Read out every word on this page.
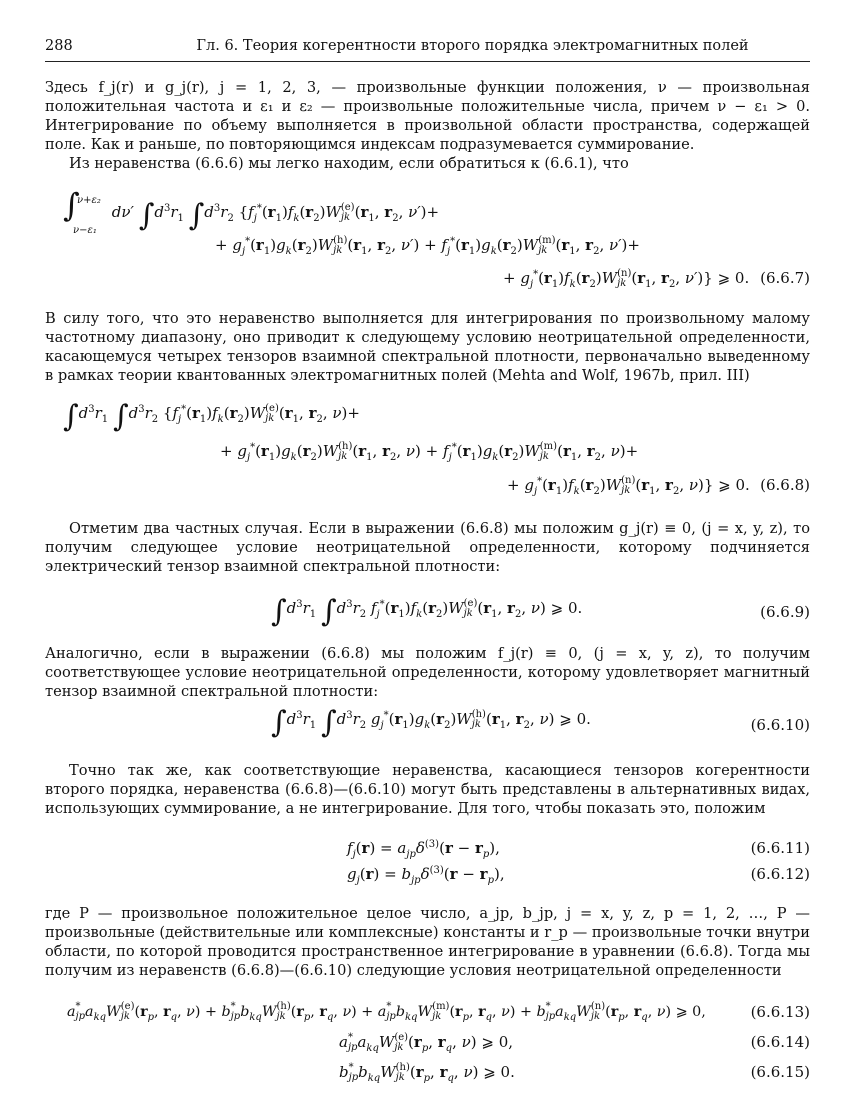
288	Гл. 6. Теория когерентности второго порядка электромагнитных полей

Здесь f_j(r) и g_j(r), j = 1, 2, 3, — произвольные функции положения, ν — произвольная положительная частота и ε₁ и ε₂ — произвольные положительные числа, причем ν − ε₁ > 0. Интегрирование по объему выполняется в произвольной области пространства, содержащей поле. Как и раньше, по повторяющимся индексам подразумевается суммирование.

Из неравенства (6.6.6) мы легко находим, если обратиться к (6.6.1), что

∫
ν+ε₂
ν−ε₁
dν′ $\int d^3r_1$ $\int d^3r_2$ {$f_j^*(r_1)f_k(r_2)W$ (e)
jk ($r_1$, $r_2$, ν′)+
+ $g_j^*(r_1)g_k(r_2)W$ (h)
jk ($r_1$, $r_2$, $\nu') + f_j^*(r_1)g_k(r_2)W$ (m)
jk ($r_1$, $r_2$, ν′)+
+ $g_j^*(r_1)f_k(r_2)W$ (n)
jk ($r_1$, $r_2$, ν′)} ⩾ 0. (6.6.7)

В силу того, что это неравенство выполняется для интегрирования по произвольному малому частотному диапазону, оно приводит к следующему условию неотрицательной определенности, касающемуся четырех тензоров взаимной спектральной плотности, первоначально выведенному в рамках теории квантованных электромагнитных полей (Mehta and Wolf, 1967b, прил. III)

$\int d^3r_1$ $\int d^3r_2$ {$f_j^*(r_1)f_k(r_2)W$ (e)
jk ($r_1$, $r_2$, ν)+
+ $g_j^*(r_1)g_k(r_2)W$ (h)
jk ($r_1$, $r_2$, $\nu) + f_j^*(r_1)g_k(r_2)W$ (m)
jk ($r_1$, $r_2$, ν)+
+ $g_j^*(r_1)f_k(r_2)W$ (n)
jk ($r_1$, $r_2$, ν)} ⩾ 0. (6.6.8)

Отметим два частных случая. Если в выражении (6.6.8) мы положим g_j(r) ≡ 0, (j = x, y, z), то получим следующее условие неотрицательной определенности, которому подчиняется электрический тензор взаимной спектральной плотности:

$\int d^3r_1$ $\int d^3r_2$ $f_j^*(r_1)f_k(r_2)W$ (e)
jk ($r_1$, $r_2$, ν) ⩾ 0.	(6.6.9)

Аналогично, если в выражении (6.6.8) мы положим f_j(r) ≡ 0, (j = x, y, z), то получим соответствующее условие неотрицательной определенности, которому удовлетворяет магнитный тензор взаимной спектральной плотности:

$\int d^3r_1$ $\int d^3r_2$ $g_j^*(r_1)g_k(r_2)W$ (h)
jk ($r_1$, $r_2$, ν) ⩾ 0.	(6.6.10)

Точно так же, как соответствующие неравенства, касающиеся тензоров когерентности второго порядка, неравенства (6.6.8)—(6.6.10) могут быть представлены в альтернативных видах, использующих суммирование, а не интегрирование. Для того, чтобы показать это, положим

$f_j(r) = a_{jp}\delta^{(3)}(r - r_p)$,	(6.6.11)
$g_j(r) = b_{jp}\delta^{(3)}(r - r_p)$,	(6.6.12)

где P — произвольное положительное целое число, a_jp, b_jp, j = x, y, z, p = 1, 2, …, P — произвольные (действительные или комплексные) константы и r_p — произвольные точки внутри области, по которой проводится пространственное интегрирование в уравнении (6.6.8). Тогда мы получим из неравенств (6.6.8)—(6.6.10) следующие условия неотрицательной определенности

a *
jp $a_{kq}W$ (e)
jk ($r_p$, $r_q$, ν) + b *
jp $b_{kq}W$ (h)
jk ($r_p$, $r_q$, ν) + a *
jp $b_{kq}W$ (m)
jk ($r_p$, $r_q$, ν) + b *
jp $a_{kq}W$ (n)
jk ($r_p$, $r_q$, ν) ⩾ 0,	(6.6.13)
a *
jp $a_{kq}W$ (e)
jk ($r_p$, $r_q$, ν) ⩾ 0,	(6.6.14)
b *
jp $b_{kq}W$ (h)
jk ($r_p$, $r_q$, ν) ⩾ 0.	(6.6.15)
